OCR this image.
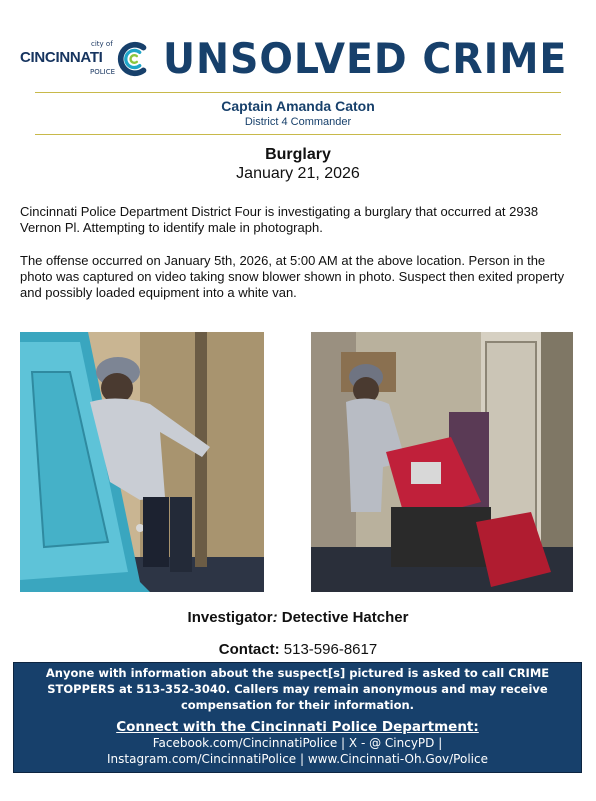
city of
CINCINNATI
POLICE UNSOLVED CRIME
Captain Amanda Caton
District 4 Commander
Burglary
January 21, 2026
Cincinnati Police Department District Four is investigating a burglary that occurred at 2938 Vernon Pl. Attempting to identify male in photograph.
The offense occurred on January 5th, 2026, at 5:00 AM at the above location. Person in the photo was captured on video taking snow blower shown in photo. Suspect then exited property and possibly loaded equipment into a white van.
Investigator: Detective Hatcher
Contact: 513-596-8617
Anyone with information about the suspect[s] pictured is asked to call CRIME STOPPERS at 513-352-3040. Callers may remain anonymous and may receive compensation for their information.
Connect with the Cincinnati Police Department:
Facebook.com/CincinnatiPolice | X - @ CincyPD |
Instagram.com/CincinnatiPolice | www.Cincinnati-Oh.Gov/Police
